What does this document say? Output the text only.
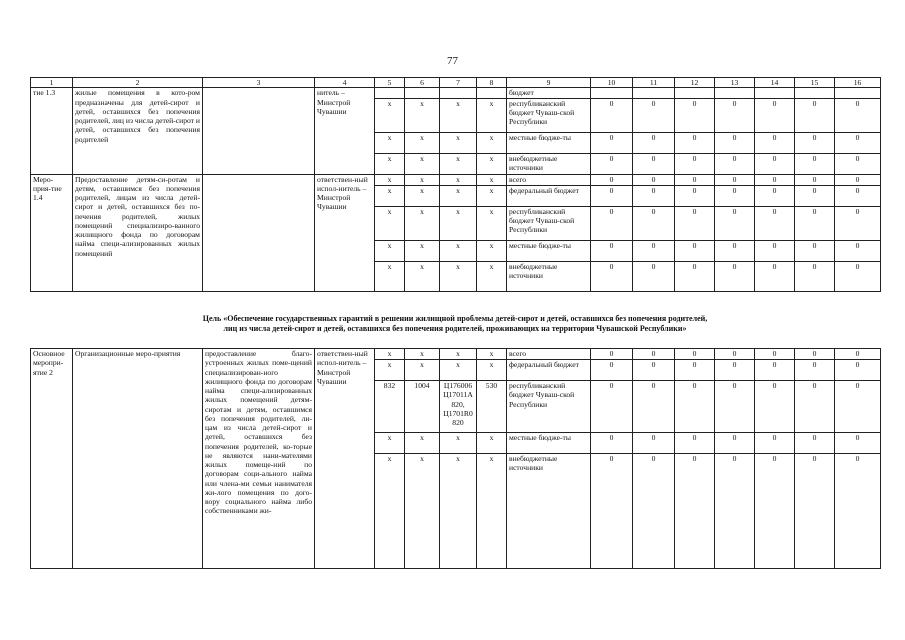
77
1	2	3	4	5	6	7	8	9	10	11	12	13	14	15	16
тие 1.3	жилые помещения в кото-ром предназначены для детей-сирот и детей, оставшихся без попечения родителей, лиц из числа детей-сирот и детей, оставшихся без попечения родителей		нитель – Минстрой Чувашии					бюджет							
				х	х	х	х	республиканский бюджет Чуваш-ской Республики	0	0	0	0	0	0	0
				х	х	х	х	местные бюдже-ты	0	0	0	0	0	0	0
				х	х	х	х	внебюджетные источники	0	0	0	0	0	0	0
Меро-прия-тие 1.4	Предоставление детям-си-ротам и детям, оставшимся без попечения родителей, лицам из числа детей-сирот и детей, оставшихся без по-печения родителей, жилых помещений специализиро-ванного жилищного фонда по договорам найма специ-ализированных жилых помещений		ответствен-ный испол-нитель – Минстрой Чувашии	х	х	х	х	всего	0	0	0	0	0	0	0
				х	х	х	х	федеральный бюджет	0	0	0	0	0	0	0
				х	х	х	х	республиканский бюджет Чуваш-ской Республики	0	0	0	0	0	0	0
				х	х	х	х	местные бюдже-ты	0	0	0	0	0	0	0
				х	х	х	х	внебюджетные источники	0	0	0	0	0	0	0
Цель «Обеспечение государственных гарантий в решении жилищной проблемы детей-сирот и детей, оставшихся без попечения родителей,
лиц из числа детей-сирот и детей, оставшихся без попечения родителей, проживающих на территории Чувашской Республики»
Основное меропри-ятие 2	Организационные меро-приятия	предоставление благо-устроенных жилых поме-щений специализирован-ного жилищного фонда по договорам найма специ-ализированных жилых помещений детям-сиротам и детям, оставшимся без попечения родителей, ли-цам из числа детей-сирот и детей, оставшихся без попечения родителей, ко-торые не являются нани-мателями жилых помеще-ний по договорам соци-ального найма или члена-ми семьи нанимателя жи-лого помещения по дого-вору социального найма либо собственниками жи-	ответствен-ный испол-нитель – Минстрой Чувашии	х	х	х	х	всего	0	0	0	0	0	0	0
				х	х	х	х	федеральный бюджет	0	0	0	0	0	0	0
				832	1004	Ц176006 Ц17011А 820, Ц1701R0 820	530	республиканский бюджет Чуваш-ской Республики	0	0	0	0	0	0	0
				х	х	х	х	местные бюдже-ты	0	0	0	0	0	0	0
				х	х	х	х	внебюджетные источники	0	0	0	0	0	0	0
